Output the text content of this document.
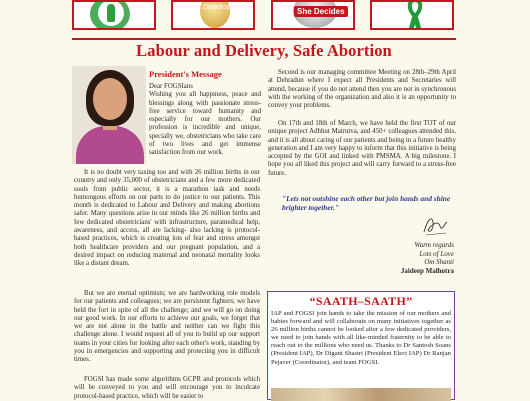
Dewdrop	She Decides
Labour and Delivery, Safe Abortion
President's Message

Dear FOGSIans
Wishing you all happiness, peace and blessings along with passionate stress-free service toward humanity and especially for our mothers. Our profession is incredible and unique, specially we, obstetricians who take care of two lives and get immense satisfaction from our work.

It is no doubt very taxing too and with 26 million births in our country and only 35,000 of obstetricians and a few more dedicated souls from public sector, it is a marathon task and needs humongous efforts on our parts to do justice to our patients. This month is dedicated to Labour and Delivery and making abortions safer. Many questions arise in our minds like 26 million births and few dedicated obstetricians' with infrastructure, paramedical help, awareness, and access, all are lacking- also lacking is protocol-based practices, which is creating lots of fear and stress amongst both healthcare providers and our pregnant population, and a desired impact on reducing maternal and neonatal mortality looks like a distant dream.

But we are eternal optimists; we are hardworking role models for our patients and colleagues; we are persistent fighters; we have held the fort in spite of all the challenge; and we will go on doing our good work. In our efforts to achieve our goals, we forget that we are not alone in the battle and neither can we fight this challenge alone. I would request all of you to build up our support teams in your cities for looking after each other's work, standing by you in emergencies and supporting and protecting you in difficult times.

FOGSI has made some algorithms GCPR and protocols which will be conveyed to you and will encourage you to inculcate protocol-based practice, which will be easier to

Second is our managing committee Meeting on 28th–29th April at Dehradun where I expect all Presidents and Secretaries will attend, because if you do not attend then you are not in synchronous with the working of the organization and also it is an opportunity to convey your problems.

On 17th and 18th of March, we have held the first TOT of our unique project Adhhut Matrutva, and 450+ colleagues attended this, and it is all about caring of our patients and being in a future healthy generation and I am very happy to inform that this initiative is being accepted by the GOI and linked with PMSMA. A big milestone. I hope you all liked this project and will carry forward to a stress-free future.

"Lets not outshine each other but join hands and shine brighter together."
Warm regards
Lots of Love
Om Shanti
Jaideep Malhotra
“SAATH–SAATH”

IAP and FOGSI join hands to take the mission of our mothers and babies forward and will collaborate on many initiatives together as 26 million births cannot be looked after a few dedicated providers, we need to join hands with all like-minded fraternity to be able to reach out to the millions who need us. Thanks to Dr Santosh Soans (President IAP), Dr Digant Shastri (President Elect IAP) Dr Ranjan Pejaver (Coordinator), and team FOGSI.
